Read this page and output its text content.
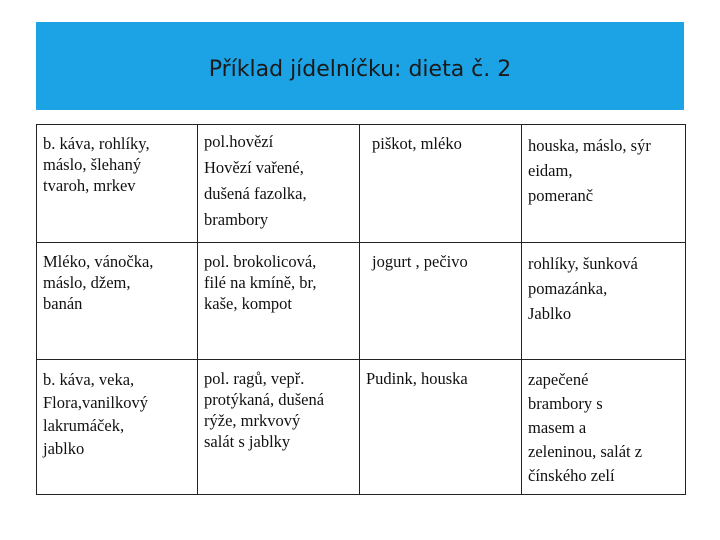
Příklad jídelníčku: dieta č. 2
b. káva, rohlíky,
máslo, šlehaný
tvaroh, mrkev	pol.hovězí
Hovězí vařené,
dušená fazolka,
brambory	piškot, mléko	houska, máslo, sýr
eidam,
pomeranč

Mléko, vánočka,
máslo, džem,
banán	pol. brokolicová,
filé na kmíně, br,
kaše, kompot	jogurt , pečivo	rohlíky, šunková
pomazánka,
Jablko

b. káva, veka,
Flora,vanilkový
lakrumáček,
jablko	pol. ragů, vepř.
protýkaná, dušená
rýže, mrkvový
salát s jablky	Pudink, houska	zapečené
brambory s
masem a
zeleninou, salát z
čínského zelí
